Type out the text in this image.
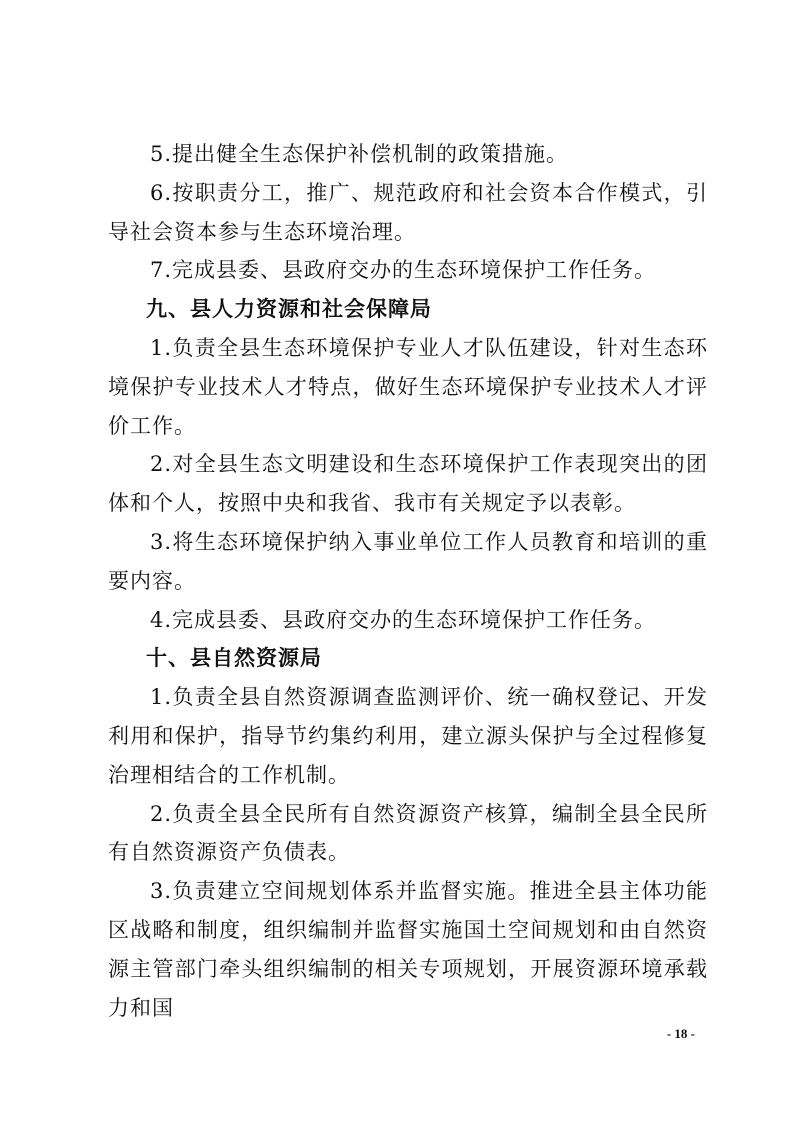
5.提出健全生态保护补偿机制的政策措施。

6.按职责分工，推广、规范政府和社会资本合作模式，引导社会资本参与生态环境治理。

7.完成县委、县政府交办的生态环境保护工作任务。

九、县人力资源和社会保障局

1.负责全县生态环境保护专业人才队伍建设，针对生态环境保护专业技术人才特点，做好生态环境保护专业技术人才评价工作。

2.对全县生态文明建设和生态环境保护工作表现突出的团体和个人，按照中央和我省、我市有关规定予以表彰。

3.将生态环境保护纳入事业单位工作人员教育和培训的重要内容。

4.完成县委、县政府交办的生态环境保护工作任务。

十、县自然资源局

1.负责全县自然资源调查监测评价、统一确权登记、开发利用和保护，指导节约集约利用，建立源头保护与全过程修复治理相结合的工作机制。

2.负责全县全民所有自然资源资产核算，编制全县全民所有自然资源资产负债表。

3.负责建立空间规划体系并监督实施。推进全县主体功能区战略和制度，组织编制并监督实施国土空间规划和由自然资源主管部门牵头组织编制的相关专项规划，开展资源环境承载力和国

- 18 -
